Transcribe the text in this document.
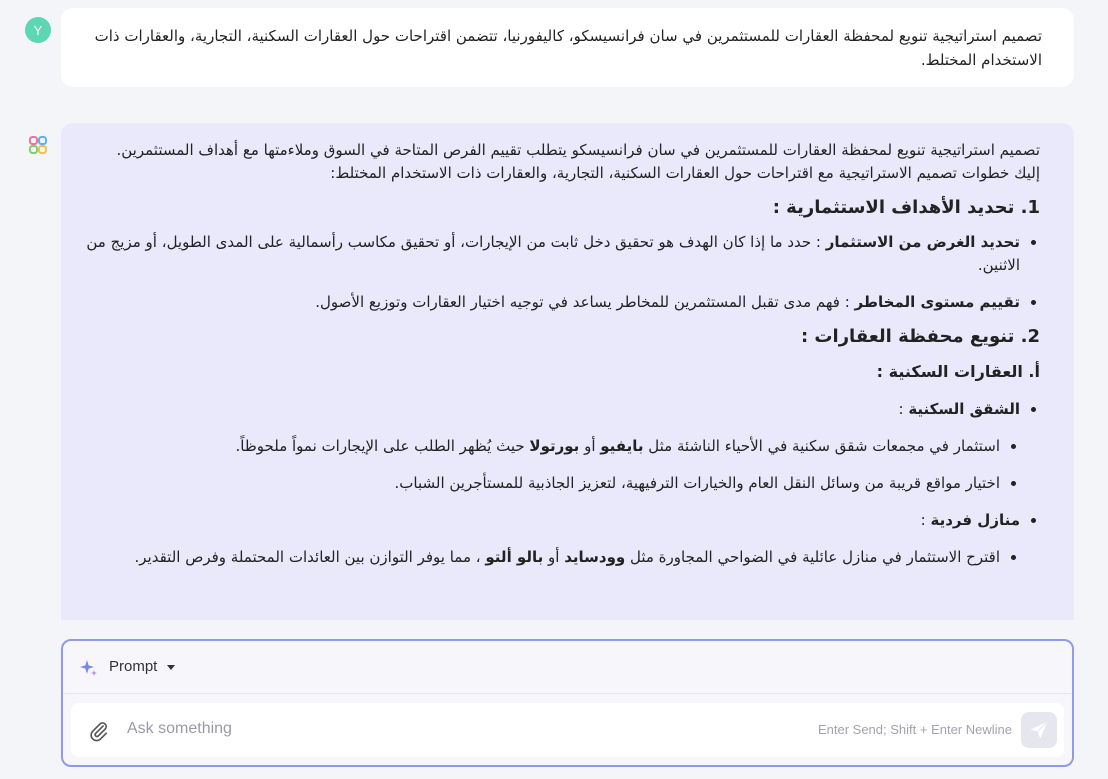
Y	تصميم استراتيجية تنويع لمحفظة العقارات للمستثمرين في سان فرانسيسكو، كاليفورنيا، تتضمن اقتراحات حول العقارات السكنية، التجارية، والعقارات ذات الاستخدام المختلط.

تصميم استراتيجية تنويع لمحفظة العقارات للمستثمرين في سان فرانسيسكو يتطلب تقييم الفرص المتاحة في السوق وملاءمتها مع أهداف المستثمرين.

إليك خطوات تصميم الاستراتيجية مع اقتراحات حول العقارات السكنية، التجارية، والعقارات ذات الاستخدام المختلط:

1. تحديد الأهداف الاستثمارية :
• تحديد الغرض من الاستثمار : حدد ما إذا كان الهدف هو تحقيق دخل ثابت من الإيجارات، أو تحقيق مكاسب رأسمالية على المدى الطويل، أو مزيج من الاثنين.
• تقييم مستوى المخاطر : فهم مدى تقبل المستثمرين للمخاطر يساعد في توجيه اختيار العقارات وتوزيع الأصول.
2. تنويع محفظة العقارات :
أ. العقارات السكنية :
• الشقق السكنية :
• استثمار في مجمعات شقق سكنية في الأحياء الناشئة مثل بايفيو أو بورتولا حيث يُظهر الطلب على الإيجارات نمواً ملحوظاً.
• اختيار مواقع قريبة من وسائل النقل العام والخيارات الترفيهية، لتعزيز الجاذبية للمستأجرين الشباب.
• منازل فردية :
• اقترح الاستثمار في منازل عائلية في الضواحي المجاورة مثل وودسايد أو بالو ألتو ، مما يوفر التوازن بين العائدات المحتملة وفرص التقدير.
Prompt
Ask something
Enter Send; Shift + Enter Newline
